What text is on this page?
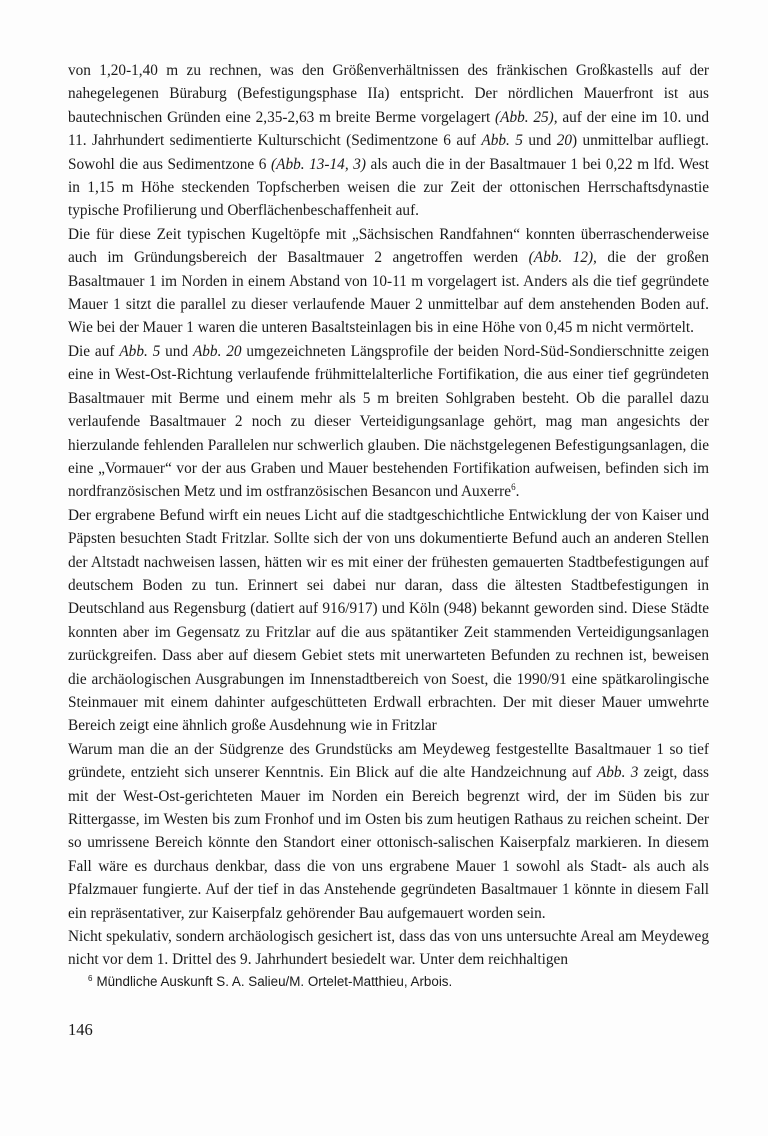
von 1,20-1,40 m zu rechnen, was den Größenverhältnissen des fränkischen Großkastells auf der nahegelegenen Büraburg (Befestigungsphase IIa) entspricht. Der nördlichen Mauerfront ist aus bautechnischen Gründen eine 2,35-2,63 m breite Berme vorgelagert (Abb. 25), auf der eine im 10. und 11. Jahrhundert sedimentierte Kulturschicht (Sedimentzone 6 auf Abb. 5 und 20) unmittelbar aufliegt. Sowohl die aus Sedimentzone 6 (Abb. 13-14, 3) als auch die in der Basaltmauer 1 bei 0,22 m lfd. West in 1,15 m Höhe steckenden Topfscherben weisen die zur Zeit der ottonischen Herrschaftsdynastie typische Profilierung und Oberflächenbeschaffenheit auf.

Die für diese Zeit typischen Kugeltöpfe mit „Sächsischen Randfahnen“ konnten überraschenderweise auch im Gründungsbereich der Basaltmauer 2 angetroffen werden (Abb. 12), die der großen Basaltmauer 1 im Norden in einem Abstand von 10-11 m vorgelagert ist. Anders als die tief gegründete Mauer 1 sitzt die parallel zu dieser verlaufende Mauer 2 unmittelbar auf dem anstehenden Boden auf. Wie bei der Mauer 1 waren die unteren Basaltsteinlagen bis in eine Höhe von 0,45 m nicht vermörtelt.

Die auf Abb. 5 und Abb. 20 umgezeichneten Längsprofile der beiden Nord-Süd-Sondierschnitte zeigen eine in West-Ost-Richtung verlaufende frühmittelalterliche Fortifikation, die aus einer tief gegründeten Basaltmauer mit Berme und einem mehr als 5 m breiten Sohlgraben besteht. Ob die parallel dazu verlaufende Basaltmauer 2 noch zu dieser Verteidigungsanlage gehört, mag man angesichts der hierzulande fehlenden Parallelen nur schwerlich glauben. Die nächstgelegenen Befestigungsanlagen, die eine „Vormauer“ vor der aus Graben und Mauer bestehenden Fortifikation aufweisen, befinden sich im nordfranzösischen Metz und im ostfranzösischen Besancon und Auxerre$^6$.

Der ergrabene Befund wirft ein neues Licht auf die stadtgeschichtliche Entwicklung der von Kaiser und Päpsten besuchten Stadt Fritzlar. Sollte sich der von uns dokumentierte Befund auch an anderen Stellen der Altstadt nachweisen lassen, hätten wir es mit einer der frühesten gemauerten Stadtbefestigungen auf deutschem Boden zu tun. Erinnert sei dabei nur daran, dass die ältesten Stadtbefestigungen in Deutschland aus Regensburg (datiert auf 916/917) und Köln (948) bekannt geworden sind. Diese Städte konnten aber im Gegensatz zu Fritzlar auf die aus spätantiker Zeit stammenden Verteidigungsanlagen zurückgreifen. Dass aber auf diesem Gebiet stets mit unerwarteten Befunden zu rechnen ist, beweisen die archäologischen Ausgrabungen im Innenstadtbereich von Soest, die 1990/91 eine spätkarolingische Steinmauer mit einem dahinter aufgeschütteten Erdwall erbrachten. Der mit dieser Mauer umwehrte Bereich zeigt eine ähnlich große Ausdehnung wie in Fritzlar

Warum man die an der Südgrenze des Grundstücks am Meydeweg festgestellte Basaltmauer 1 so tief gründete, entzieht sich unserer Kenntnis. Ein Blick auf die alte Handzeichnung auf Abb. 3 zeigt, dass mit der West-Ost-gerichteten Mauer im Norden ein Bereich begrenzt wird, der im Süden bis zur Rittergasse, im Westen bis zum Fronhof und im Osten bis zum heutigen Rathaus zu reichen scheint. Der so umrissene Bereich könnte den Standort einer ottonisch-salischen Kaiserpfalz markieren. In diesem Fall wäre es durchaus denkbar, dass die von uns ergrabene Mauer 1 sowohl als Stadt- als auch als Pfalzmauer fungierte. Auf der tief in das Anstehende gegründeten Basaltmauer 1 könnte in diesem Fall ein repräsentativer, zur Kaiserpfalz gehörender Bau aufgemauert worden sein.

Nicht spekulativ, sondern archäologisch gesichert ist, dass das von uns untersuchte Areal am Meydeweg nicht vor dem 1. Drittel des 9. Jahrhundert besiedelt war. Unter dem reichhaltigen

$^6$ Mündliche Auskunft S. A. Salieu/M. Ortelet-Matthieu, Arbois.
146
